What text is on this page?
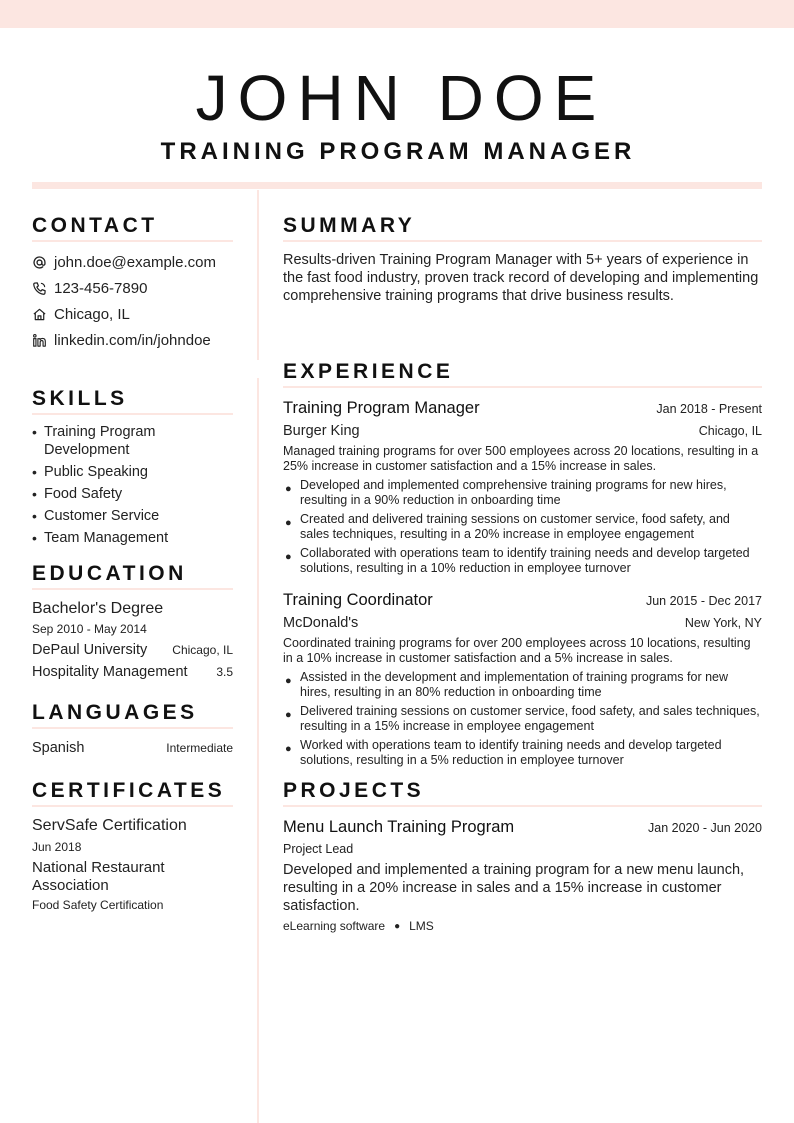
JOHN DOE
TRAINING PROGRAM MANAGER
CONTACT
john.doe@example.com
123-456-7890
Chicago, IL
linkedin.com/in/johndoe
SKILLS
• Training Program Development
• Public Speaking
• Food Safety
• Customer Service
• Team Management
EDUCATION
Bachelor's Degree
Sep 2010 - May 2014
DePaul University Chicago, IL
Hospitality Management 3.5
LANGUAGES
Spanish	Intermediate
CERTIFICATES
ServSafe Certification
Jun 2018
National Restaurant Association
Food Safety Certification
SUMMARY

Results-driven Training Program Manager with 5+ years of experience in the fast food industry, proven track record of developing and implementing comprehensive training programs that drive business results.

EXPERIENCE
Training Program Manager	Jan 2018 - Present
Burger King	Chicago, IL

Managed training programs for over 500 employees across 20 locations, resulting in a 25% increase in customer satisfaction and a 15% increase in sales.

● Developed and implemented comprehensive training programs for new hires, resulting in a 90% reduction in onboarding time
● Created and delivered training sessions on customer service, food safety, and sales techniques, resulting in a 20% increase in employee engagement
● Collaborated with operations team to identify training needs and develop targeted solutions, resulting in a 10% reduction in employee turnover
Training Coordinator	Jun 2015 - Dec 2017
McDonald's	New York, NY

Coordinated training programs for over 200 employees across 10 locations, resulting in a 10% increase in customer satisfaction and a 5% increase in sales.

● Assisted in the development and implementation of training programs for new hires, resulting in an 80% reduction in onboarding time
● Delivered training sessions on customer service, food safety, and sales techniques, resulting in a 15% increase in employee engagement
● Worked with operations team to identify training needs and develop targeted solutions, resulting in a 5% reduction in employee turnover
PROJECTS
Menu Launch Training Program	Jan 2020 - Jun 2020
Project Lead

Developed and implemented a training program for a new menu launch, resulting in a 20% increase in sales and a 15% increase in customer satisfaction.

eLearning software ● LMS
